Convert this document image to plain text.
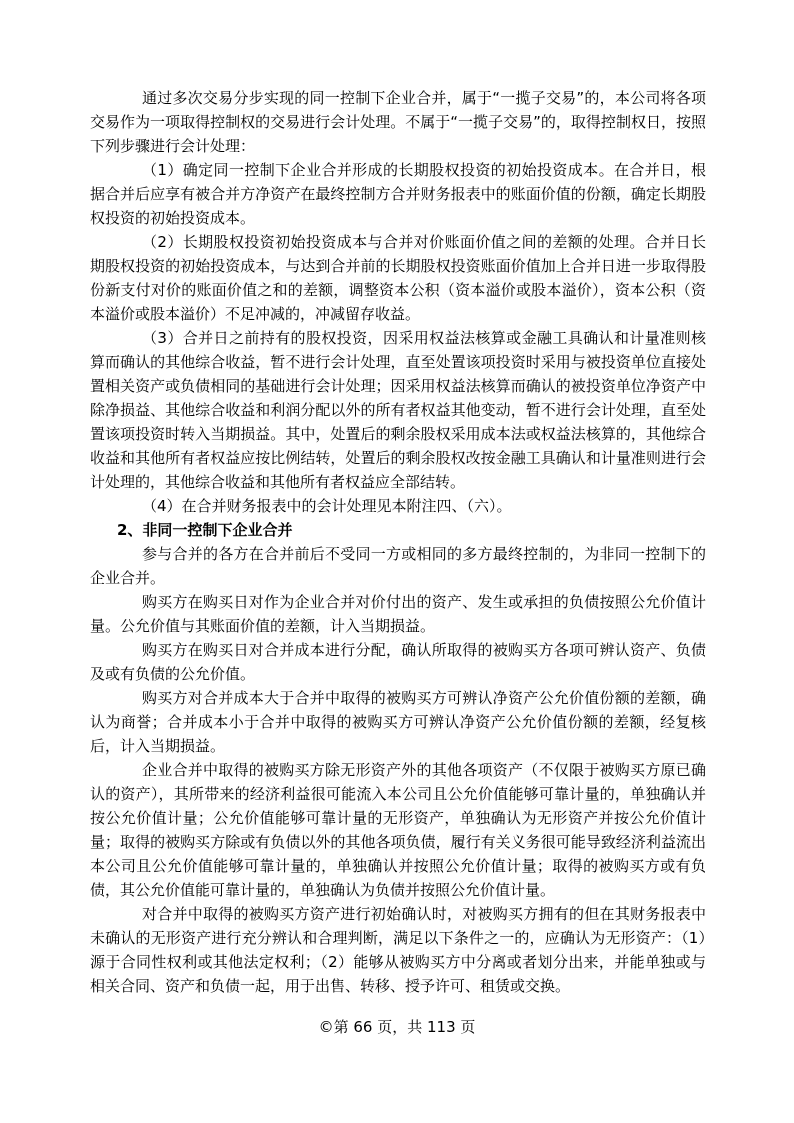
通过多次交易分步实现的同一控制下企业合并，属于“一揽子交易”的，本公司将各项交易作为一项取得控制权的交易进行会计处理。不属于“一揽子交易”的，取得控制权日，按照下列步骤进行会计处理：

（1）确定同一控制下企业合并形成的长期股权投资的初始投资成本。在合并日，根据合并后应享有被合并方净资产在最终控制方合并财务报表中的账面价值的份额，确定长期股权投资的初始投资成本。

（2）长期股权投资初始投资成本与合并对价账面价值之间的差额的处理。合并日长期股权投资的初始投资成本，与达到合并前的长期股权投资账面价值加上合并日进一步取得股份新支付对价的账面价值之和的差额，调整资本公积（资本溢价或股本溢价），资本公积（资本溢价或股本溢价）不足冲减的，冲减留存收益。

（3）合并日之前持有的股权投资，因采用权益法核算或金融工具确认和计量准则核算而确认的其他综合收益，暂不进行会计处理，直至处置该项投资时采用与被投资单位直接处置相关资产或负债相同的基础进行会计处理；因采用权益法核算而确认的被投资单位净资产中除净损益、其他综合收益和利润分配以外的所有者权益其他变动，暂不进行会计处理，直至处置该项投资时转入当期损益。其中，处置后的剩余股权采用成本法或权益法核算的，其他综合收益和其他所有者权益应按比例结转，处置后的剩余股权改按金融工具确认和计量准则进行会计处理的，其他综合收益和其他所有者权益应全部结转。

（4）在合并财务报表中的会计处理见本附注四、（六）。

2、非同一控制下企业合并

参与合并的各方在合并前后不受同一方或相同的多方最终控制的，为非同一控制下的企业合并。

购买方在购买日对作为企业合并对价付出的资产、发生或承担的负债按照公允价值计量。公允价值与其账面价值的差额，计入当期损益。

购买方在购买日对合并成本进行分配，确认所取得的被购买方各项可辨认资产、负债及或有负债的公允价值。

购买方对合并成本大于合并中取得的被购买方可辨认净资产公允价值份额的差额，确认为商誉；合并成本小于合并中取得的被购买方可辨认净资产公允价值份额的差额，经复核后，计入当期损益。

企业合并中取得的被购买方除无形资产外的其他各项资产（不仅限于被购买方原已确认的资产），其所带来的经济利益很可能流入本公司且公允价值能够可靠计量的，单独确认并按公允价值计量；公允价值能够可靠计量的无形资产，单独确认为无形资产并按公允价值计量；取得的被购买方除或有负债以外的其他各项负债，履行有关义务很可能导致经济利益流出本公司且公允价值能够可靠计量的，单独确认并按照公允价值计量；取得的被购买方或有负债，其公允价值能可靠计量的，单独确认为负债并按照公允价值计量。

对合并中取得的被购买方资产进行初始确认时，对被购买方拥有的但在其财务报表中未确认的无形资产进行充分辨认和合理判断，满足以下条件之一的，应确认为无形资产：（1）源于合同性权利或其他法定权利；（2）能够从被购买方中分离或者划分出来，并能单独或与相关合同、资产和负债一起，用于出售、转移、授予许可、租赁或交换。

©第 66 页，共 113 页
